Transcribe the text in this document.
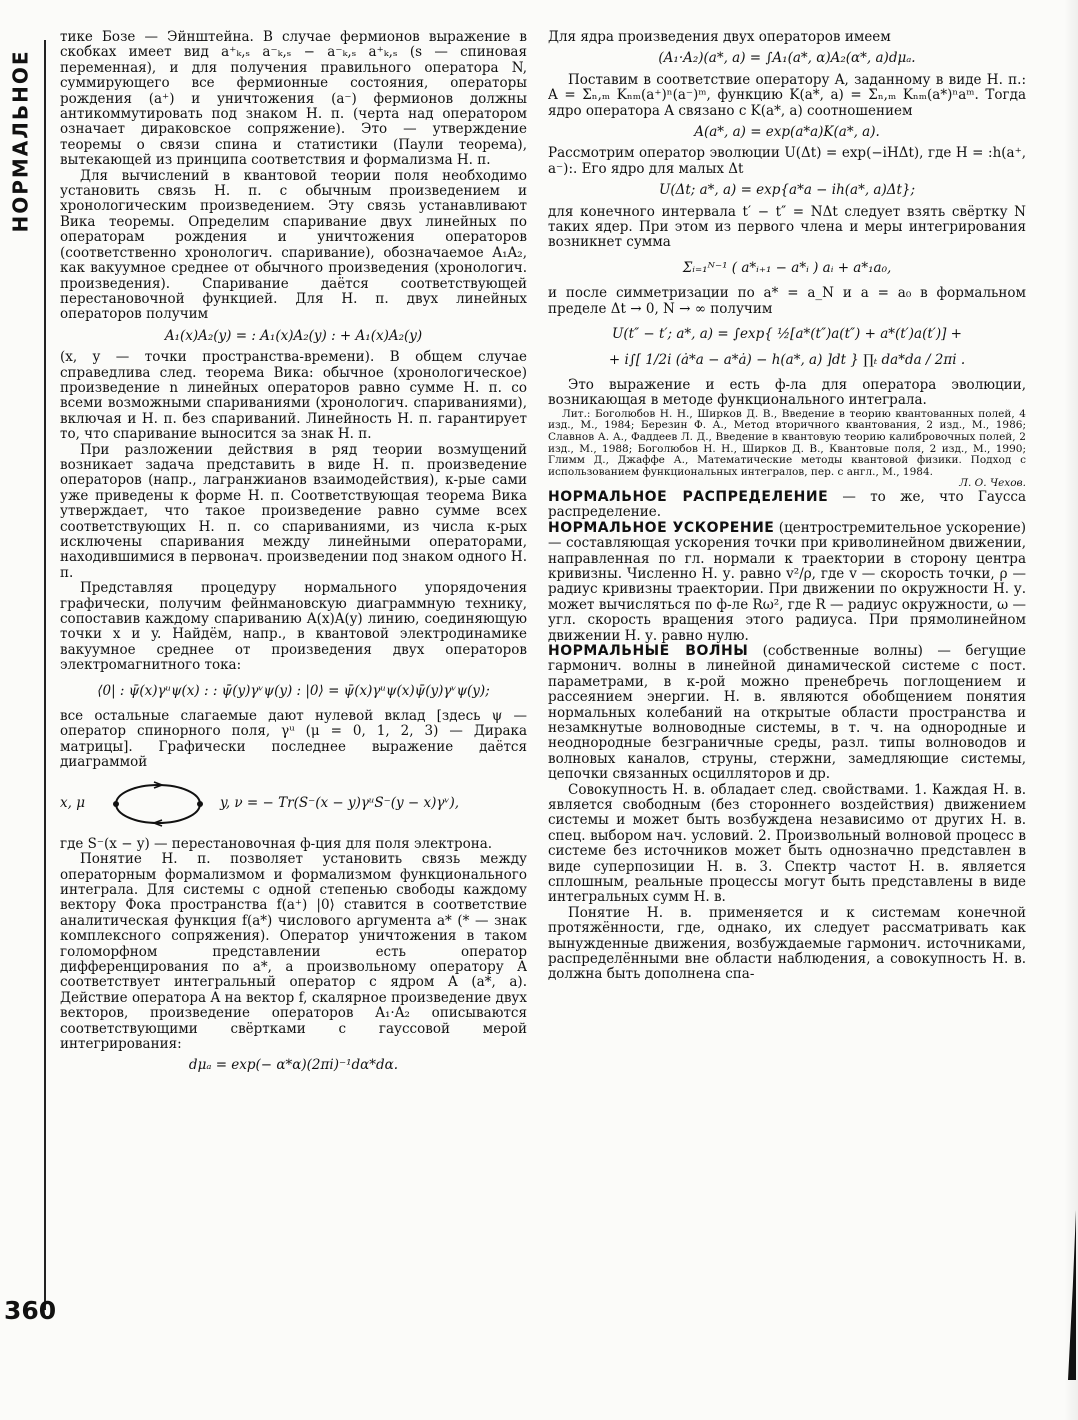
НОРМАЛЬНОЕ
360

тике Бозе — Эйнштейна. В случае фермионов выражение в скобках имеет вид a⁺ₖ,ₛ a⁻ₖ,ₛ − a⁻ₖ,ₛ a⁺ₖ,ₛ (s — спиновая переменная), и для получения правильного оператора N, суммирующего все фермионные состояния, операторы рождения (a⁺) и уничтожения (a⁻) фермионов должны антикоммутировать под знаком Н. п. (черта над оператором означает дираковское сопряжение). Это — утверждение теоремы о связи спина и статистики (Паули теорема), вытекающей из принципа соответствия и формализма Н. п.

Для вычислений в квантовой теории поля необходимо установить связь Н. п. с обычным произведением и хронологическим произведением. Эту связь устанавливают Вика теоремы. Определим спаривание двух линейных по операторам рождения и уничтожения операторов (соответственно хронологич. спаривание), обозначаемое A₁A₂, как вакуумное среднее от обычного произведения (хронологич. произведения). Спаривание даётся соответствующей перестановочной функцией. Для Н. п. двух линейных операторов получим

A₁(x)A₂(y) = : A₁(x)A₂(y) : + A₁(x)A₂(y)

(x, y — точки пространства-времени). В общем случае справедлива след. теорема Вика: обычное (хронологическое) произведение n линейных операторов равно сумме Н. п. со всеми возможными спариваниями (хронологич. спариваниями), включая и Н. п. без спариваний. Линейность Н. п. гарантирует то, что спаривание выносится за знак Н. п.

При разложении действия в ряд теории возмущений возникает задача представить в виде Н. п. произведение операторов (напр., лагранжианов взаимодействия), к-рые сами уже приведены к форме Н. п. Соответствующая теорема Вика утверждает, что такое произведение равно сумме всех соответствующих Н. п. со спариваниями, из числа к-рых исключены спаривания между линейными операторами, находившимися в первонач. произведении под знаком одного Н. п.

Представляя процедуру нормального упорядочения графически, получим фейнмановскую диаграммную технику, сопоставив каждому спариванию A(x)A(y) линию, соединяющую точки x и y. Найдём, напр., в квантовой электродинамике вакуумное среднее от произведения двух операторов электромагнитного тока:

⟨0| : ψ̄(x)γᵘψ(x) : : ψ̄(y)γᵛψ(y) : |0⟩ = ψ̄(x)γᵘψ(x)ψ̄(y)γᵛψ(y);

все остальные слагаемые дают нулевой вклад [здесь ψ — оператор спинорного поля, γᵘ (μ = 0, 1, 2, 3) — Дирака матрицы]. Графически последнее выражение даётся диаграммой

x, μ	y, ν = − Tr(S⁻(x − y)γᵘS⁻(y − x)γᵛ),

где S⁻(x − y) — перестановочная ф-ция для поля электрона.

Понятие Н. п. позволяет установить связь между операторным формализмом и формализмом функционального интеграла. Для системы с одной степенью свободы каждому вектору Фока пространства f(a⁺) |0⟩ ставится в соответствие аналитическая функция f(a*) числового аргумента a* (* — знак комплексного сопряжения). Оператор уничтожения в таком голоморфном представлении есть оператор дифференцирования по a*, а произвольному оператору A соответствует интегральный оператор с ядром A (a*, a). Действие оператора A на вектор f, скалярное произведение двух векторов, произведение операторов A₁·A₂ описываются соответствующими свёртками с гауссовой мерой интегрирования:

dμₐ = exp(− α*α)(2πi)⁻¹dα*dα.

Для ядра произведения двух операторов имеем

(A₁·A₂)(a*, a) = ∫A₁(a*, α)A₂(α*, a)dμₐ.

Поставим в соответствие оператору A, заданному в виде Н. п.: A = Σₙ,ₘ Kₙₘ(a⁺)ⁿ(a⁻)ᵐ, функцию K(a*, a) = Σₙ,ₘ Kₙₘ(a*)ⁿaᵐ. Тогда ядро оператора A связано с K(a*, a) соотношением

A(a*, a) = exp(a*a)K(a*, a).

Рассмотрим оператор эволюции U(Δt) = exp(−iHΔt), где H = :h(a⁺, a⁻):. Его ядро для малых Δt

U(Δt; a*, a) = exp{a*a − ih(a*, a)Δt};

для конечного интервала t′ − t″ = NΔt следует взять свёртку N таких ядер. При этом из первого члена и меры интегрирования возникнет сумма

Σᵢ₌₁ᴺ⁻¹ ( a*ᵢ₊₁ − a*ᵢ ) aᵢ + a*₁a₀,

и после симметризации по a* = a_N и a = a₀ в формальном пределе Δt → 0, N → ∞ получим

U(t″ − t′; a*, a) = ∫exp{ ½[a*(t″)a(t″) + a*(t′)a(t′)] +
+ i∫[ 1/2i (ȧ*a − a*ȧ) − h(a*, a) ]dt } ∏ₜ da*da / 2πi .

Это выражение и есть ф-ла для оператора эволюции, возникающая в методе функционального интеграла.

Лит.: Боголюбов Н. Н., Ширков Д. В., Введение в теорию квантованных полей, 4 изд., М., 1984; Березин Ф. А., Метод вторичного квантования, 2 изд., М., 1986; Славнов А. А., Фаддеев Л. Д., Введение в квантовую теорию калибровочных полей, 2 изд., М., 1988; Боголюбов Н. Н., Ширков Д. В., Квантовые поля, 2 изд., М., 1990; Глимм Д., Джаффе А., Математические методы квантовой физики. Подход с использованием функциональных интегралов, пер. с англ., М., 1984.

Л. О. Чехов.

НОРМАЛЬНОЕ РАСПРЕДЕЛЕНИЕ — то же, что Гаусса распределение.

НОРМАЛЬНОЕ УСКОРЕНИЕ (центростремительное ускорение) — составляющая ускорения точки при криволинейном движении, направленная по гл. нормали к траектории в сторону центра кривизны. Численно Н. у. равно v²/ρ, где v — скорость точки, ρ — радиус кривизны траектории. При движении по окружности Н. у. может вычисляться по ф-ле Rω², где R — радиус окружности, ω — угл. скорость вращения этого радиуса. При прямолинейном движении Н. у. равно нулю.

НОРМАЛЬНЫЕ ВОЛНЫ (собственные волны) — бегущие гармонич. волны в линейной динамической системе с пост. параметрами, в к-рой можно пренебречь поглощением и рассеянием энергии. Н. в. являются обобщением понятия нормальных колебаний на открытые области пространства и незамкнутые волноводные системы, в т. ч. на однородные и неоднородные безграничные среды, разл. типы волноводов и волновых каналов, струны, стержни, замедляющие системы, цепочки связанных осцилляторов и др.

Совокупность Н. в. обладает след. свойствами. 1. Каждая Н. в. является свободным (без стороннего воздействия) движением системы и может быть возбуждена независимо от других Н. в. спец. выбором нач. условий. 2. Произвольный волновой процесс в системе без источников может быть однозначно представлен в виде суперпозиции Н. в. 3. Спектр частот Н. в. является сплошным, реальные процессы могут быть представлены в виде интегральных сумм Н. в.

Понятие Н. в. применяется и к системам конечной протяжённости, где, однако, их следует рассматривать как вынужденные движения, возбуждаемые гармонич. источниками, распределёнными вне области наблюдения, а совокупность Н. в. должна быть дополнена спа-
